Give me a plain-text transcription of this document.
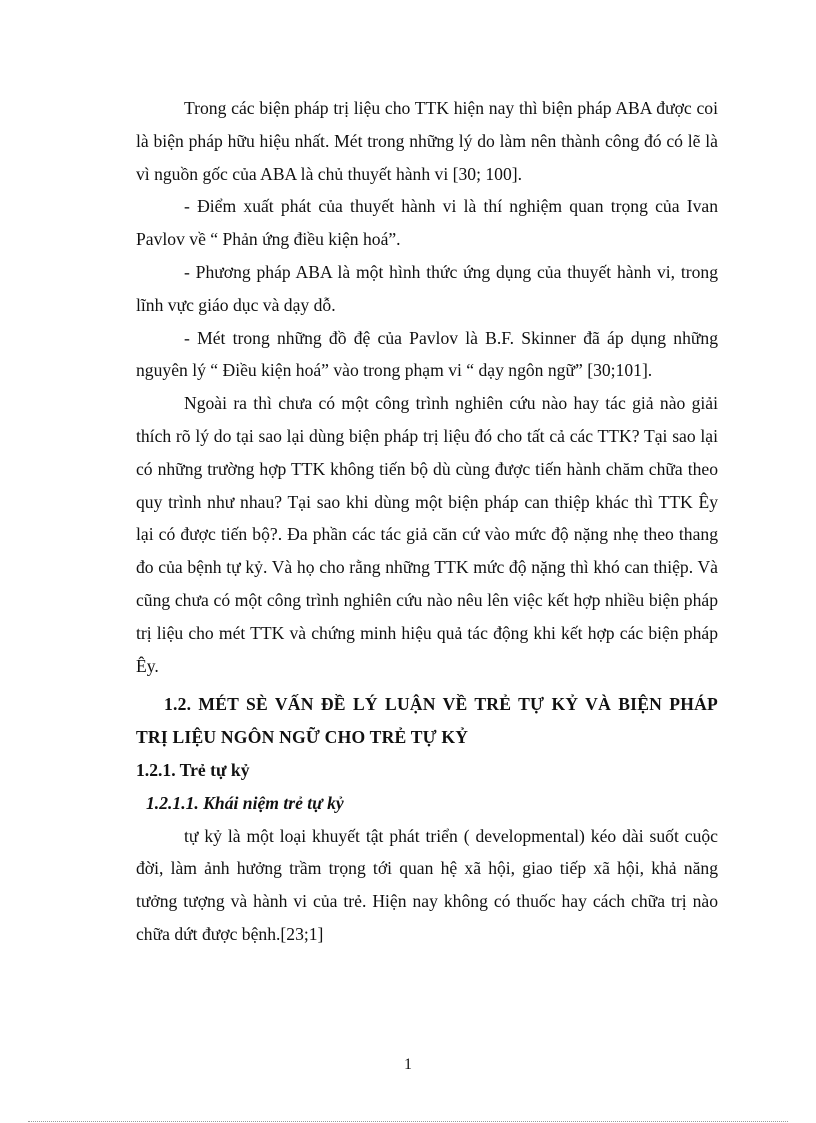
Trong các biện pháp trị liệu cho TTK hiện nay thì biện pháp ABA được coi là biện pháp hữu hiệu nhất. Mét trong những lý do làm nên thành công đó có lẽ là vì nguồn gốc của ABA là chủ thuyết hành vi [30; 100].

- Điểm xuất phát của thuyết hành vi là thí nghiệm quan trọng của Ivan Pavlov về “ Phản ứng điều kiện hoá”.

- Phương pháp ABA là một hình thức ứng dụng của thuyết hành vi, trong lĩnh vực giáo dục và dạy dỗ.

- Mét trong những đồ đệ của Pavlov là B.F. Skinner đã áp dụng những nguyên lý “ Điều kiện hoá” vào trong phạm vi “ dạy ngôn ngữ” [30;101].

Ngoài ra thì chưa có một công trình nghiên cứu nào hay tác giả nào giải thích rõ lý do tại sao lại dùng biện pháp trị liệu đó cho tất cả các TTK? Tại sao lại có những trường hợp TTK không tiến bộ dù cùng được tiến hành chăm chữa theo quy trình như nhau? Tại sao khi dùng một biện pháp can thiệp khác thì TTK Êy lại có được tiến bộ?. Đa phần các tác giả căn cứ vào mức độ nặng nhẹ theo thang đo của bệnh tự kỷ. Và họ cho rằng những TTK mức độ nặng thì khó can thiệp. Và cũng chưa có một công trình nghiên cứu nào nêu lên việc kết hợp nhiều biện pháp trị liệu cho mét TTK và chứng minh hiệu quả tác động khi kết hợp các biện pháp Êy.

1.2. MÉT SÈ VẤN ĐỀ LÝ LUẬN VỀ TRẺ TỰ KỶ VÀ BIỆN PHÁP TRỊ LIỆU NGÔN NGỮ CHO TRẺ TỰ KỶ

1.2.1. Trẻ tự kỷ

1.2.1.1. Khái niệm trẻ tự kỷ

tự kỷ là một loại khuyết tật phát triển ( developmental) kéo dài suốt cuộc đời, làm ảnh hưởng trầm trọng tới quan hệ xã hội, giao tiếp xã hội, khả năng tưởng tượng và hành vi của trẻ. Hiện nay không có thuốc hay cách chữa trị nào chữa dứt được bệnh.[23;1]

1
